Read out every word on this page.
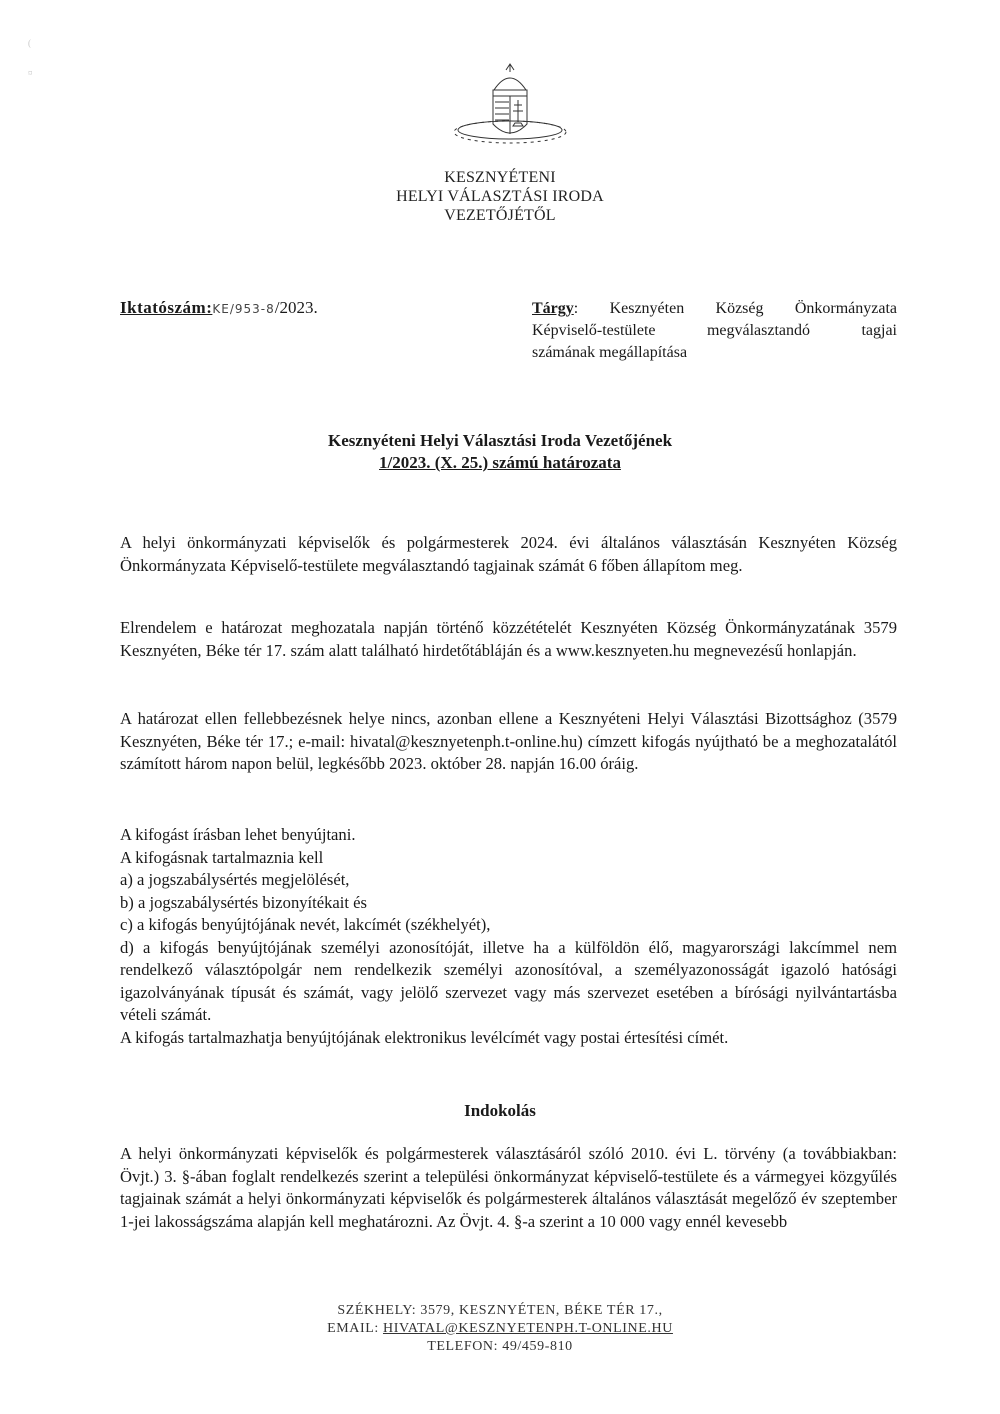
(
¤
KESZNYÉTENI
HELYI VÁLASZTÁSI IRODA
VEZETŐJÉTŐL
Iktatószám:KE/953-8/2023.	Tárgy: Kesznyéten Község Önkormányzata
Képviselő-testülete megválasztandó tagjai
számának megállapítása
Kesznyéteni Helyi Választási Iroda Vezetőjének
1/2023. (X. 25.) számú határozata

A helyi önkormányzati képviselők és polgármesterek 2024. évi általános választásán Kesznyéten Község Önkormányzata Képviselő-testülete megválasztandó tagjainak számát 6 főben állapítom meg.

Elrendelem e határozat meghozatala napján történő közzétételét Kesznyéten Község Önkormányzatának 3579 Kesznyéten, Béke tér 17. szám alatt található hirdetőtábláján és a www.kesznyeten.hu megnevezésű honlapján.

A határozat ellen fellebbezésnek helye nincs, azonban ellene a Kesznyéteni Helyi Választási Bizottsághoz (3579 Kesznyéten, Béke tér 17.; e-mail: hivatal@kesznyetenph.t-online.hu) címzett kifogás nyújtható be a meghozatalától számított három napon belül, legkésőbb 2023. október 28. napján 16.00 óráig.

A kifogást írásban lehet benyújtani.
A kifogásnak tartalmaznia kell
a) a jogszabálysértés megjelölését,
b) a jogszabálysértés bizonyítékait és
c) a kifogás benyújtójának nevét, lakcímét (székhelyét),
d) a kifogás benyújtójának személyi azonosítóját, illetve ha a külföldön élő, magyarországi lakcímmel nem rendelkező választópolgár nem rendelkezik személyi azonosítóval, a személyazonosságát igazoló hatósági igazolványának típusát és számát, vagy jelölő szervezet vagy más szervezet esetében a bírósági nyilvántartásba vételi számát.
A kifogás tartalmazhatja benyújtójának elektronikus levélcímét vagy postai értesítési címét.
Indokolás

A helyi önkormányzati képviselők és polgármesterek választásáról szóló 2010. évi L. törvény (a továbbiakban: Övjt.) 3. §-ában foglalt rendelkezés szerint a települési önkormányzat képviselő-testülete és a vármegyei közgyűlés tagjainak számát a helyi önkormányzati képviselők és polgármesterek általános választását megelőző év szeptember 1-jei lakosságszáma alapján kell meghatározni. Az Övjt. 4. §-a szerint a 10 000 vagy ennél kevesebb

SZÉKHELY: 3579, KESZNYÉTEN, BÉKE TÉR 17.,
EMAIL: HIVATAL@KESZNYETENPH.T-ONLINE.HU
TELEFON: 49/459-810
